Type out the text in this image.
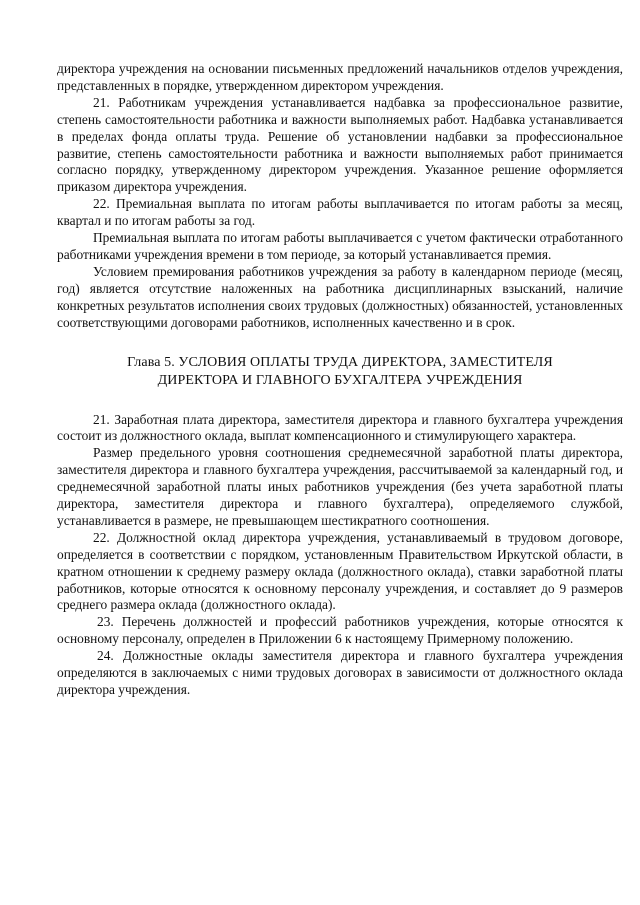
директора учреждения на основании письменных предложений начальников отделов учреждения, представленных в порядке, утвержденном директором учреждения.

21. Работникам учреждения устанавливается надбавка за профессиональное развитие, степень самостоятельности работника и важности выполняемых работ. Надбавка устанавливается в пределах фонда оплаты труда. Решение об установлении надбавки за профессиональное развитие, степень самостоятельности работника и важности выполняемых работ принимается согласно порядку, утвержденному директором учреждения. Указанное решение оформляется приказом директора учреждения.

22. Премиальная выплата по итогам работы выплачивается по итогам работы за месяц, квартал и по итогам работы за год.

Премиальная выплата по итогам работы выплачивается с учетом фактически отработанного работниками учреждения времени в том периоде, за который устанавливается премия.

Условием премирования работников учреждения за работу в календарном периоде (месяц, год) является отсутствие наложенных на работника дисциплинарных взысканий, наличие конкретных результатов исполнения своих трудовых (должностных) обязанностей, установленных соответствующими договорами работников, исполненных качественно и в срок.

Глава 5. УСЛОВИЯ ОПЛАТЫ ТРУДА ДИРЕКТОРА, ЗАМЕСТИТЕЛЯ
ДИРЕКТОРА И ГЛАВНОГО БУХГАЛТЕРА УЧРЕЖДЕНИЯ

21. Заработная плата директора, заместителя директора и главного бухгалтера учреждения состоит из должностного оклада, выплат компенсационного и стимулирующего характера.

Размер предельного уровня соотношения среднемесячной заработной платы директора, заместителя директора и главного бухгалтера учреждения, рассчитываемой за календарный год, и среднемесячной заработной платы иных работников учреждения (без учета заработной платы директора, заместителя директора и главного бухгалтера), определяемого службой, устанавливается в размере, не превышающем шестикратного соотношения.

22. Должностной оклад директора учреждения, устанавливаемый в трудовом договоре, определяется в соответствии с порядком, установленным Правительством Иркутской области, в кратном отношении к среднему размеру оклада (должностного оклада), ставки заработной платы работников, которые относятся к основному персоналу учреждения, и составляет до 9 размеров среднего размера оклада (должностного оклада).

23. Перечень должностей и профессий работников учреждения, которые относятся к основному персоналу, определен в Приложении 6 к настоящему Примерному положению.

24. Должностные оклады заместителя директора и главного бухгалтера учреждения определяются в заключаемых с ними трудовых договорах в зависимости от должностного оклада директора учреждения.
